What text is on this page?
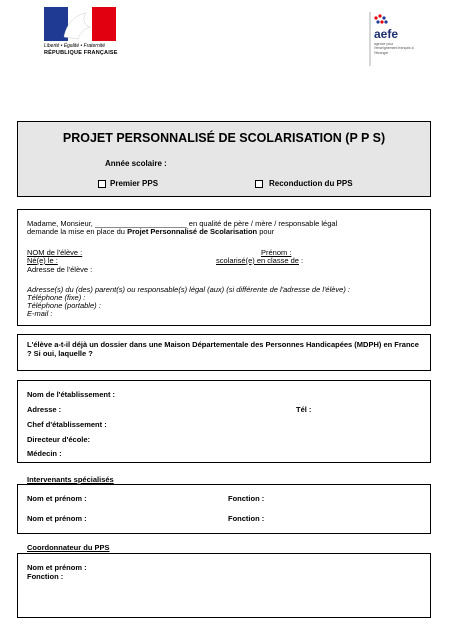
Liberté • Égalité • Fraternité
RÉPUBLIQUE FRANÇAISE
aefe
agence pour l'enseignement français à l'étranger
PROJET PERSONNALISÉ DE SCOLARISATION (P P S)
Année scolaire :
Premier PPS	Reconduction du PPS
Madame, Monsieur, ______________________ en qualité de père / mère / responsable légal
demande la mise en place du Projet Personnalisé de Scolarisation pour
NOM de l'élève :	Prénom :
Né(e) le :	scolarisé(e) en classe de :
Adresse de l'élève :
Adresse(s) du (des) parent(s) ou responsable(s) légal (aux) (si différente de l'adresse de l'élève) :
Téléphone (fixe) :
Téléphone (portable) :
E-mail :
L'élève a-t-il déjà un dossier dans une Maison Départementale des Personnes Handicapées (MDPH) en France ? Si oui, laquelle ?
Nom de l'établissement :
Adresse :	Tél :
Chef d'établissement :
Directeur d'école:
Médecin :
Intervenants spécialisés
Nom et prénom :	Fonction :
Nom et prénom :	Fonction :
Coordonnateur du PPS
Nom et prénom :
Fonction :
